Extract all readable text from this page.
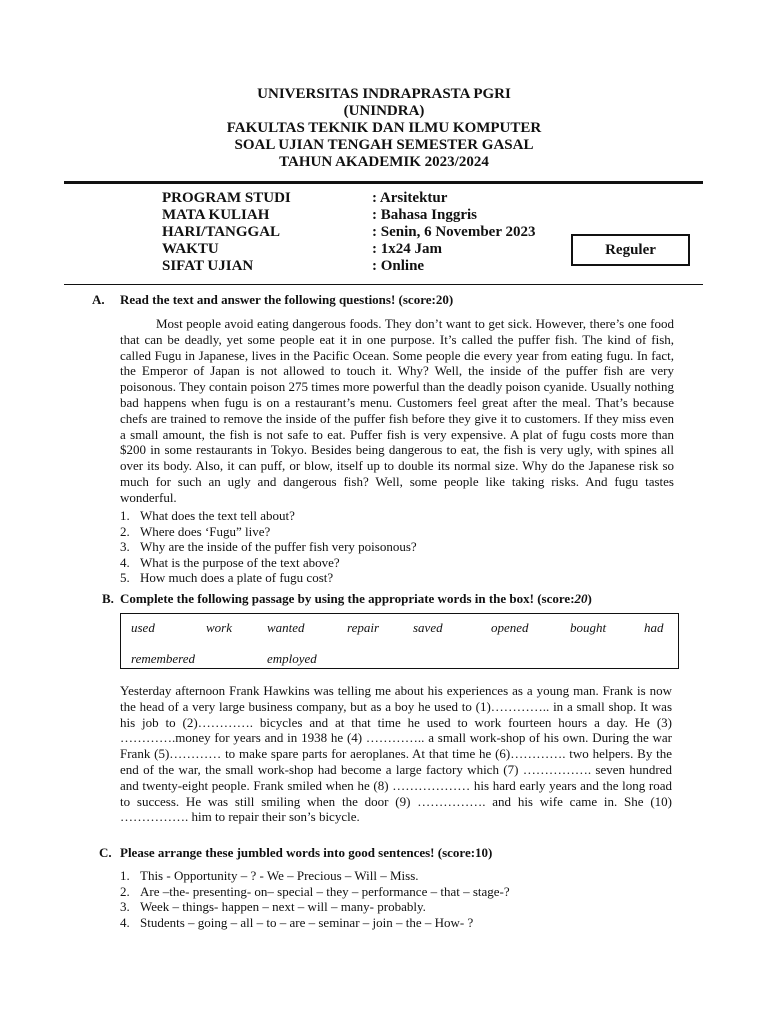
UNIVERSITAS INDRAPRASTA PGRI
(UNINDRA)
FAKULTAS TEKNIK DAN ILMU KOMPUTER
SOAL UJIAN TENGAH SEMESTER GASAL
TAHUN AKADEMIK 2023/2024
PROGRAM STUDI	: Arsitektur
MATA KULIAH	: Bahasa Inggris
HARI/TANGGAL	: Senin, 6 November 2023
WAKTU	: 1x24 Jam
SIFAT UJIAN	: Online
Reguler
A. Read the text and answer the following questions! (score:20)

Most people avoid eating dangerous foods. They don’t want to get sick. However, there’s one food that can be deadly, yet some people eat it in one purpose. It’s called the puffer fish. The kind of fish, called Fugu in Japanese, lives in the Pacific Ocean. Some people die every year from eating fugu. In fact, the Emperor of Japan is not allowed to touch it. Why? Well, the inside of the puffer fish are very poisonous. They contain poison 275 times more powerful than the deadly poison cyanide. Usually nothing bad happens when fugu is on a restaurant’s menu. Customers feel great after the meal. That’s because chefs are trained to remove the inside of the puffer fish before they give it to customers. If they miss even a small amount, the fish is not safe to eat. Puffer fish is very expensive. A plat of fugu costs more than $200 in some restaurants in Tokyo. Besides being dangerous to eat, the fish is very ugly, with spines all over its body. Also, it can puff, or blow, itself up to double its normal size. Why do the Japanese risk so much for such an ugly and dangerous fish? Well, some people like taking risks. And fugu tastes wonderful.

1. What does the text tell about?
2. Where does ‘Fugu” live?
3. Why are the inside of the puffer fish very poisonous?
4. What is the purpose of the text above?
5. How much does a plate of fugu cost?
B. Complete the following passage by using the appropriate words in the box! (score:20)
used	work	wanted	repair	saved	opened	bought	had
remembered	employed

Yesterday afternoon Frank Hawkins was telling me about his experiences as a young man. Frank is now the head of a very large business company, but as a boy he used to (1)………….. in a small shop. It was his job to (2)…………. bicycles and at that time he used to work fourteen hours a day. He (3) ………….money for years and in 1938 he (4) ………….. a small work-shop of his own. During the war Frank (5)………… to make spare parts for aeroplanes. At that time he (6)…………. two helpers. By the end of the war, the small work-shop had become a large factory which (7) ……………. seven hundred and twenty-eight people. Frank smiled when he (8) ……………… his hard early years and the long road to success. He was still smiling when the door (9) ……………. and his wife came in. She (10) ……………. him to repair their son’s bicycle.

C. Please arrange these jumbled words into good sentences! (score:10)
1. This - Opportunity – ? - We – Precious – Will – Miss.
2. Are –the- presenting- on– special – they – performance – that – stage-?
3. Week – things- happen – next – will – many- probably.
4. Students – going – all – to – are – seminar – join – the – How- ?
